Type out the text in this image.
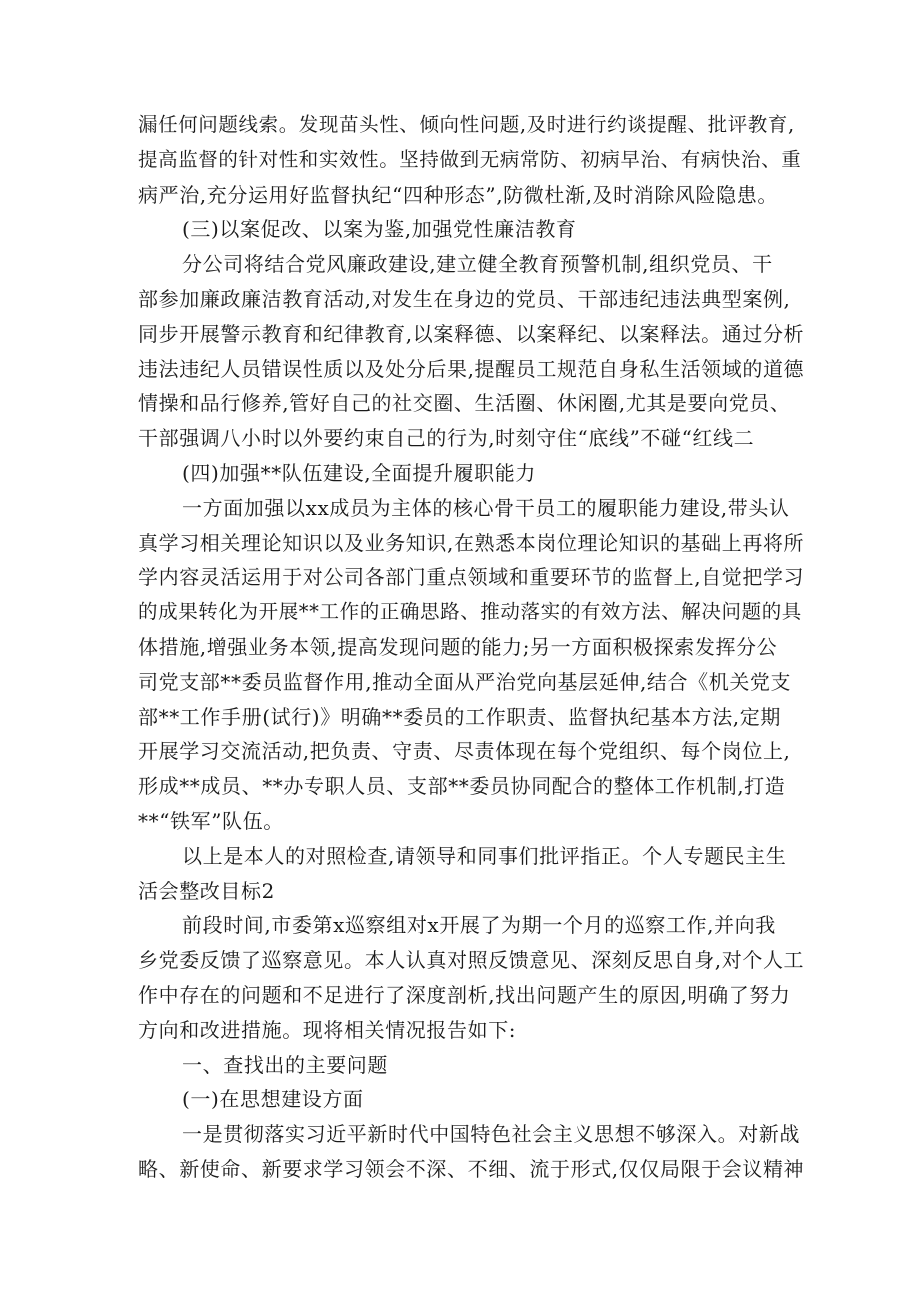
漏任何问题线索。发现苗头性、倾向性问题,及时进行约谈提醒、批评教育,
提高监督的针对性和实效性。坚持做到无病常防、初病早治、有病快治、重
病严治,充分运用好监督执纪“四种形态”,防微杜渐,及时消除风险隐患。
(三)以案促改、以案为鉴,加强党性廉洁教育
分公司将结合党风廉政建设,建立健全教育预警机制,组织党员、干
部参加廉政廉洁教育活动,对发生在身边的党员、干部违纪违法典型案例,
同步开展警示教育和纪律教育,以案释德、以案释纪、以案释法。通过分析
违法违纪人员错误性质以及处分后果,提醒员工规范自身私生活领域的道德
情操和品行修养,管好自己的社交圈、生活圈、休闲圈,尤其是要向党员、
干部强调八小时以外要约束自己的行为,时刻守住“底线”不碰“红线二
(四)加强**队伍建设,全面提升履职能力
一方面加强以xx成员为主体的核心骨干员工的履职能力建设,带头认
真学习相关理论知识以及业务知识,在熟悉本岗位理论知识的基础上再将所
学内容灵活运用于对公司各部门重点领域和重要环节的监督上,自觉把学习
的成果转化为开展**工作的正确思路、推动落实的有效方法、解决问题的具
体措施,增强业务本领,提高发现问题的能力;另一方面积极探索发挥分公
司党支部**委员监督作用,推动全面从严治党向基层延伸,结合《机关党支
部**工作手册(试行)》明确**委员的工作职责、监督执纪基本方法,定期
开展学习交流活动,把负责、守责、尽责体现在每个党组织、每个岗位上,
形成**成员、**办专职人员、支部**委员协同配合的整体工作机制,打造
**“铁军”队伍。
以上是本人的对照检查,请领导和同事们批评指正。个人专题民主生
活会整改目标2
前段时间,市委第x巡察组对x开展了为期一个月的巡察工作,并向我
乡党委反馈了巡察意见。本人认真对照反馈意见、深刻反思自身,对个人工
作中存在的问题和不足进行了深度剖析,找出问题产生的原因,明确了努力
方向和改进措施。现将相关情况报告如下:
一、查找出的主要问题
(一)在思想建设方面
一是贯彻落实习近平新时代中国特色社会主义思想不够深入。对新战
略、新使命、新要求学习领会不深、不细、流于形式,仅仅局限于会议精神
